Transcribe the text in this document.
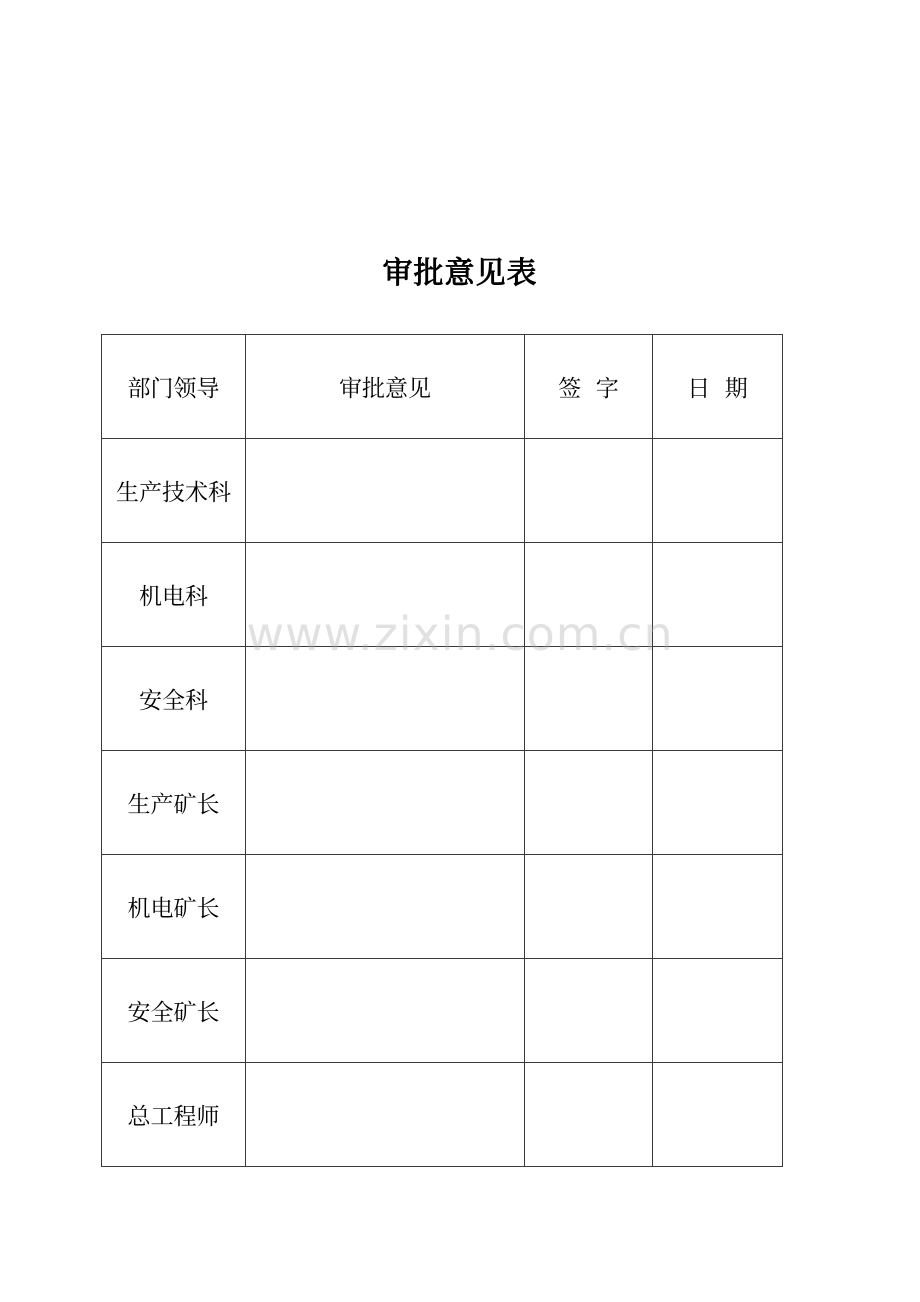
审批意见表
部门领导	审批意见	签  字	日  期
生产技术科			
机电科			
安全科			
生产矿长			
机电矿长			
安全矿长			
总工程师			
www.zixin.com.cn
